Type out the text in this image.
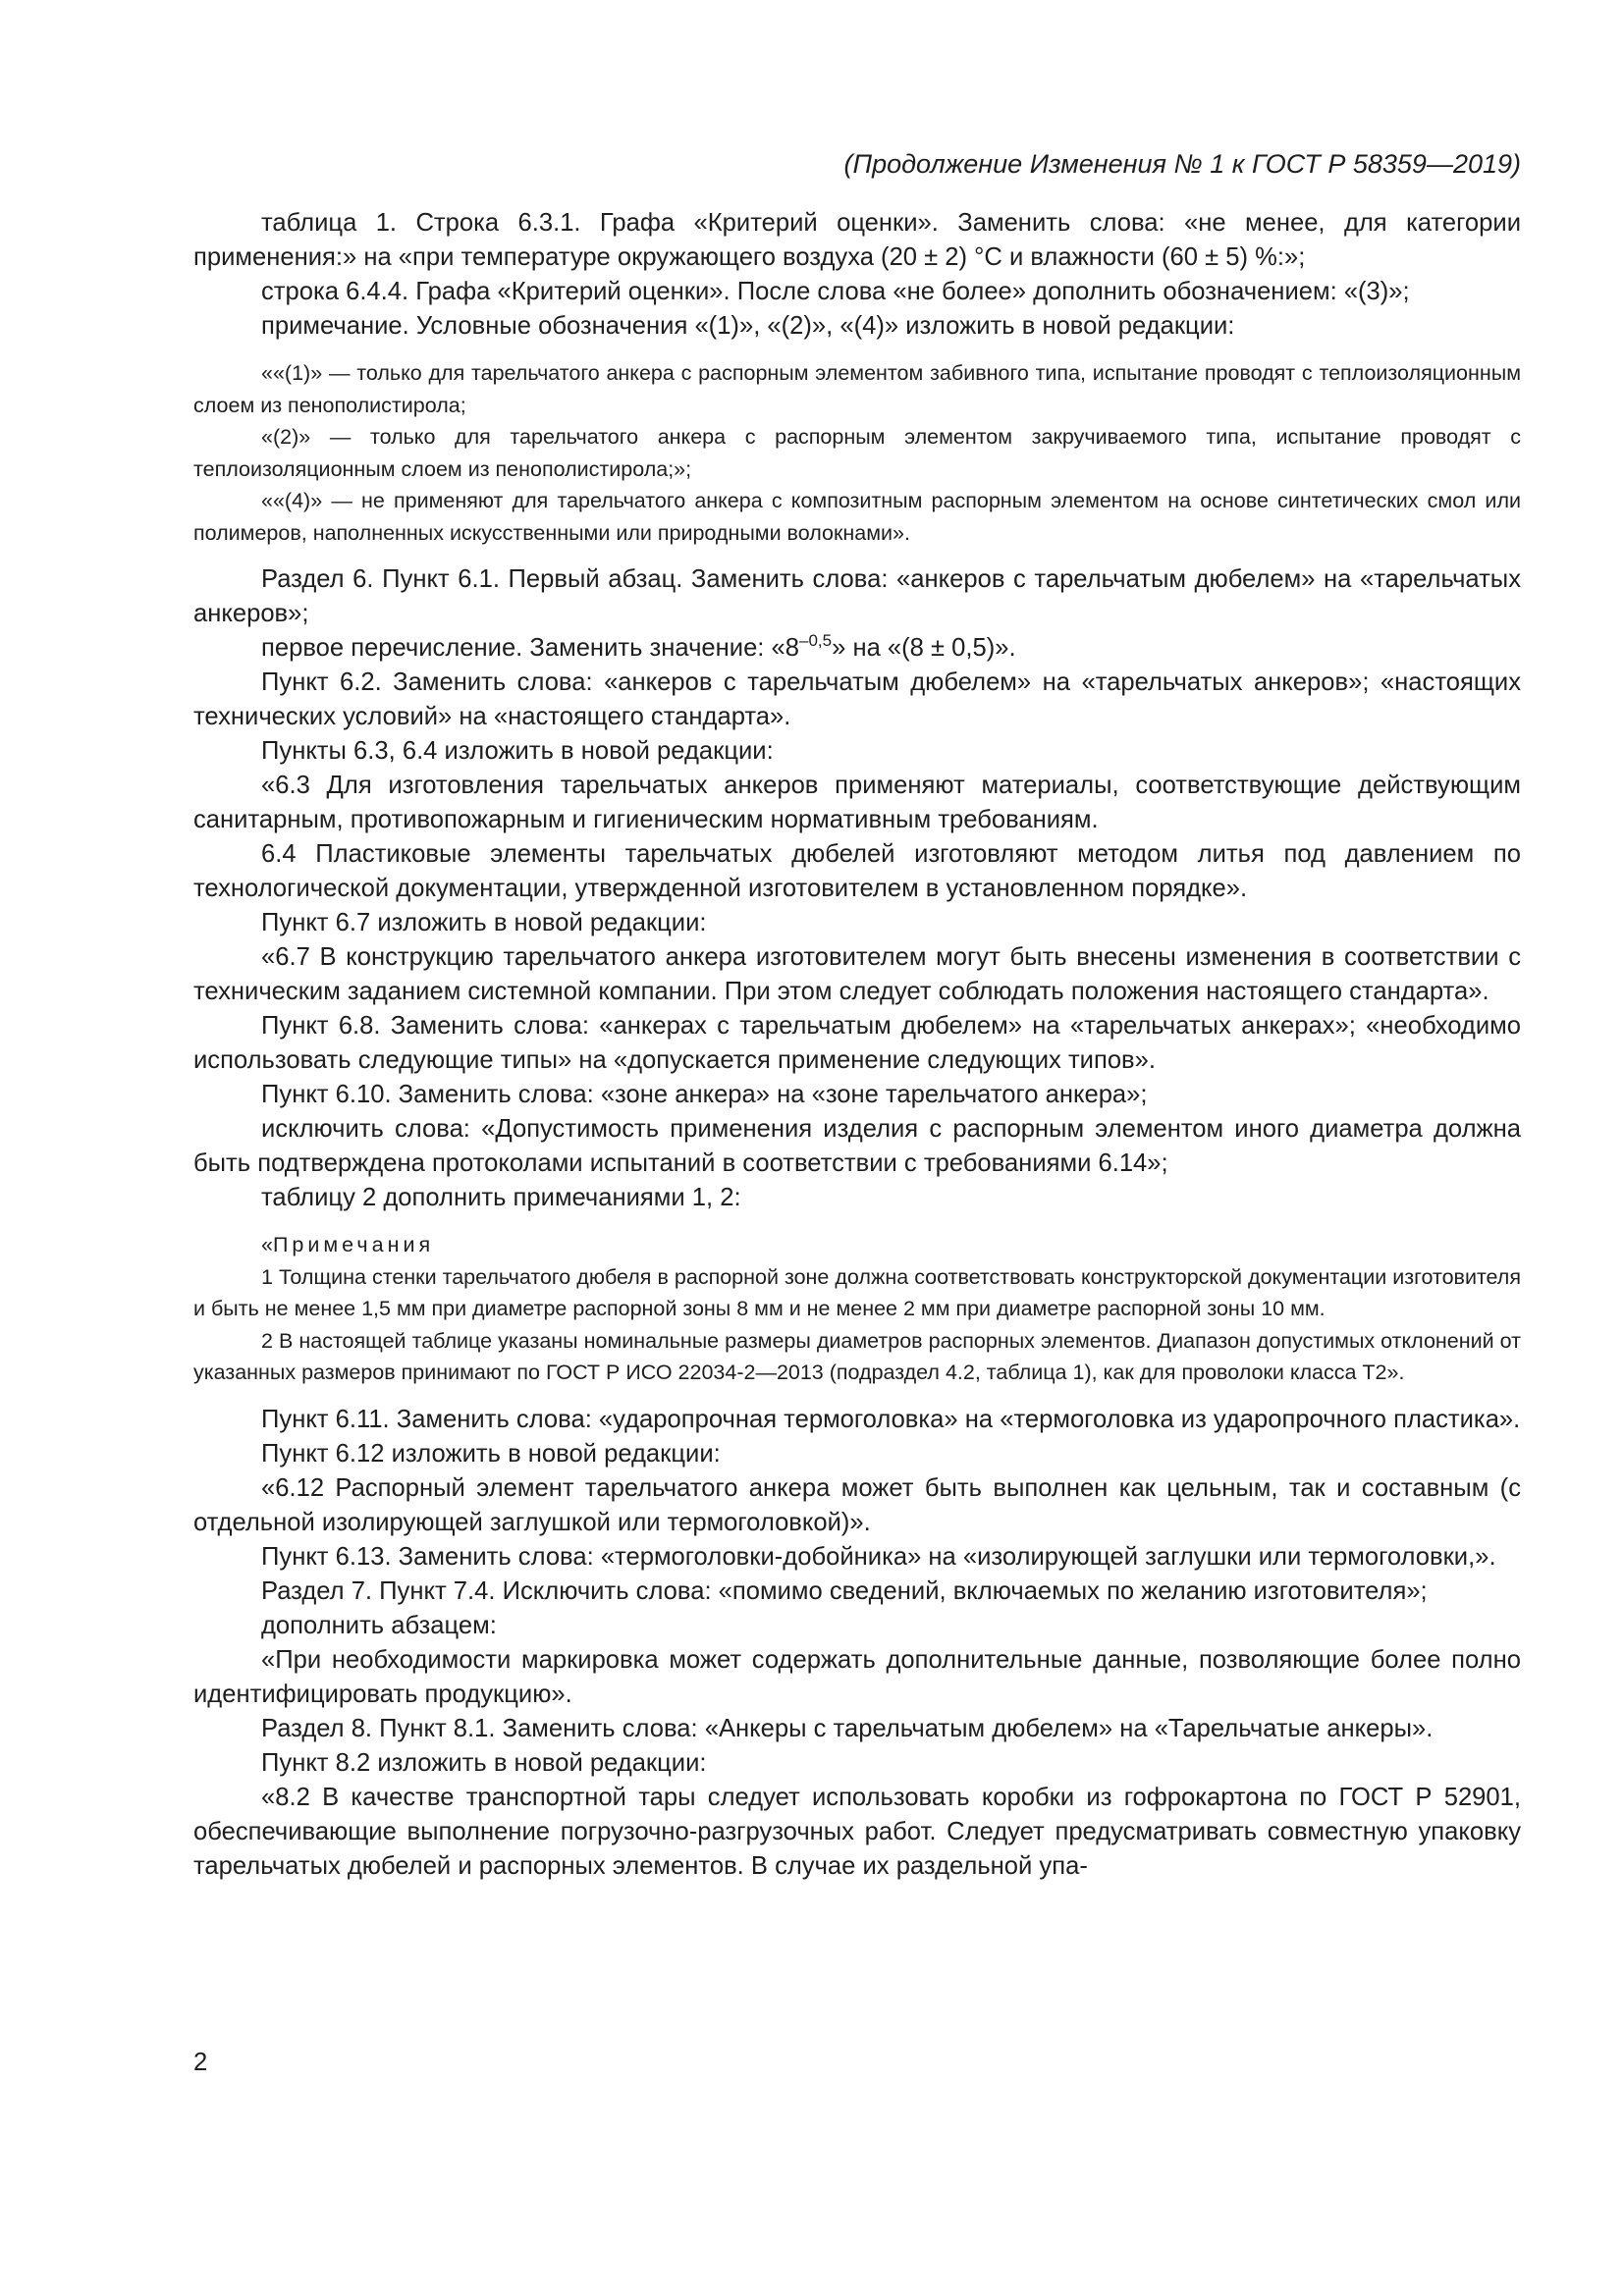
(Продолжение Изменения № 1 к ГОСТ Р 58359—2019)

таблица 1. Строка 6.3.1. Графа «Критерий оценки». Заменить слова: «не менее, для категории применения:» на «при температуре окружающего воздуха (20 ± 2) °С и влажности (60 ± 5) %:»;

строка 6.4.4. Графа «Критерий оценки». После слова «не более» дополнить обозначением: «(3)»;

примечание. Условные обозначения «(1)», «(2)», «(4)» изложить в новой редакции:

««(1)» — только для тарельчатого анкера с распорным элементом забивного типа, испытание проводят с теплоизоляционным слоем из пенополистирола;

«(2)» — только для тарельчатого анкера с распорным элементом закручиваемого типа, испытание проводят с теплоизоляционным слоем из пенополистирола;»;

««(4)» — не применяют для тарельчатого анкера с композитным распорным элементом на основе синтетических смол или полимеров, наполненных искусственными или природными волокнами».

Раздел 6. Пункт 6.1. Первый абзац. Заменить слова: «анкеров с тарельчатым дюбелем» на «тарельчатых анкеров»;

первое перечисление. Заменить значение: «$8^{-0,5}$» на «(8 ± 0,5)».

Пункт 6.2. Заменить слова: «анкеров с тарельчатым дюбелем» на «тарельчатых анкеров»; «настоящих технических условий» на «настоящего стандарта».

Пункты 6.3, 6.4 изложить в новой редакции:

«6.3 Для изготовления тарельчатых анкеров применяют материалы, соответствующие действующим санитарным, противопожарным и гигиеническим нормативным требованиям.

6.4 Пластиковые элементы тарельчатых дюбелей изготовляют методом литья под давлением по технологической документации, утвержденной изготовителем в установленном порядке».

Пункт 6.7 изложить в новой редакции:

«6.7 В конструкцию тарельчатого анкера изготовителем могут быть внесены изменения в соответствии с техническим заданием системной компании. При этом следует соблюдать положения настоящего стандарта».

Пункт 6.8. Заменить слова: «анкерах с тарельчатым дюбелем» на «тарельчатых анкерах»; «необходимо использовать следующие типы» на «допускается применение следующих типов».

Пункт 6.10. Заменить слова: «зоне анкера» на «зоне тарельчатого анкера»;

исключить слова: «Допустимость применения изделия с распорным элементом иного диаметра должна быть подтверждена протоколами испытаний в соответствии с требованиями 6.14»;

таблицу 2 дополнить примечаниями 1, 2:

«Примечания

1 Толщина стенки тарельчатого дюбеля в распорной зоне должна соответствовать конструкторской документации изготовителя и быть не менее 1,5 мм при диаметре распорной зоны 8 мм и не менее 2 мм при диаметре распорной зоны 10 мм.

2 В настоящей таблице указаны номинальные размеры диаметров распорных элементов. Диапазон допустимых отклонений от указанных размеров принимают по ГОСТ Р ИСО 22034-2—2013 (подраздел 4.2, таблица 1), как для проволоки класса Т2».

Пункт 6.11. Заменить слова: «ударопрочная термоголовка» на «термоголовка из ударопрочного пластика».

Пункт 6.12 изложить в новой редакции:

«6.12 Распорный элемент тарельчатого анкера может быть выполнен как цельным, так и составным (с отдельной изолирующей заглушкой или термоголовкой)».

Пункт 6.13. Заменить слова: «термоголовки-добойника» на «изолирующей заглушки или термоголовки,».

Раздел 7. Пункт 7.4. Исключить слова: «помимо сведений, включаемых по желанию изготовителя»;

дополнить абзацем:

«При необходимости маркировка может содержать дополнительные данные, позволяющие более полно идентифицировать продукцию».

Раздел 8. Пункт 8.1. Заменить слова: «Анкеры с тарельчатым дюбелем» на «Тарельчатые анкеры».

Пункт 8.2 изложить в новой редакции:

«8.2 В качестве транспортной тары следует использовать коробки из гофрокартона по ГОСТ Р 52901, обеспечивающие выполнение погрузочно-разгрузочных работ. Следует предусматривать совместную упаковку тарельчатых дюбелей и распорных элементов. В случае их раздельной упа-

2
